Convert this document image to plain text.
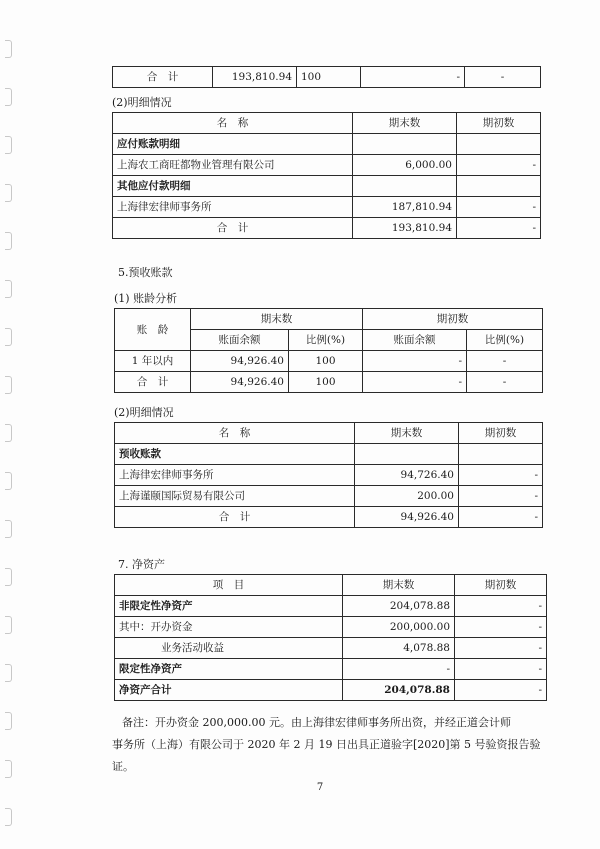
合　计	193,810.94	100	-	-
(2)明细情况
名　称	期末数	期初数
应付账款明细		
上海农工商旺都物业管理有限公司	6,000.00	-
其他应付款明细		
上海律宏律师事务所	187,810.94	-
合　计	193,810.94	-
5.预收账款
(1) 账龄分析
账　龄	期末数		期初数	
	账面余额	比例(%)	账面余额	比例(%)
1 年以内	94,926.40	100	-	-
合　计	94,926.40	100	-	-
(2)明细情况
名　称	期末数	期初数
预收账款		
上海律宏律师事务所	94,726.40	-
上海谨颐国际贸易有限公司	200.00	-
合　计	94,926.40	-
7. 净资产
项　目	期末数	期初数
非限定性净资产	204,078.88	-
其中：开办资金	200,000.00	-
业务活动收益	4,078.88	-
限定性净资产	-	-
净资产合计	204,078.88	-
备注：开办资金 200,000.00 元。由上海律宏律师事务所出资，并经正道会计师
事务所（上海）有限公司于 2020 年 2 月 19 日出具正道验字[2020]第 5 号验资报告验
证。
7
